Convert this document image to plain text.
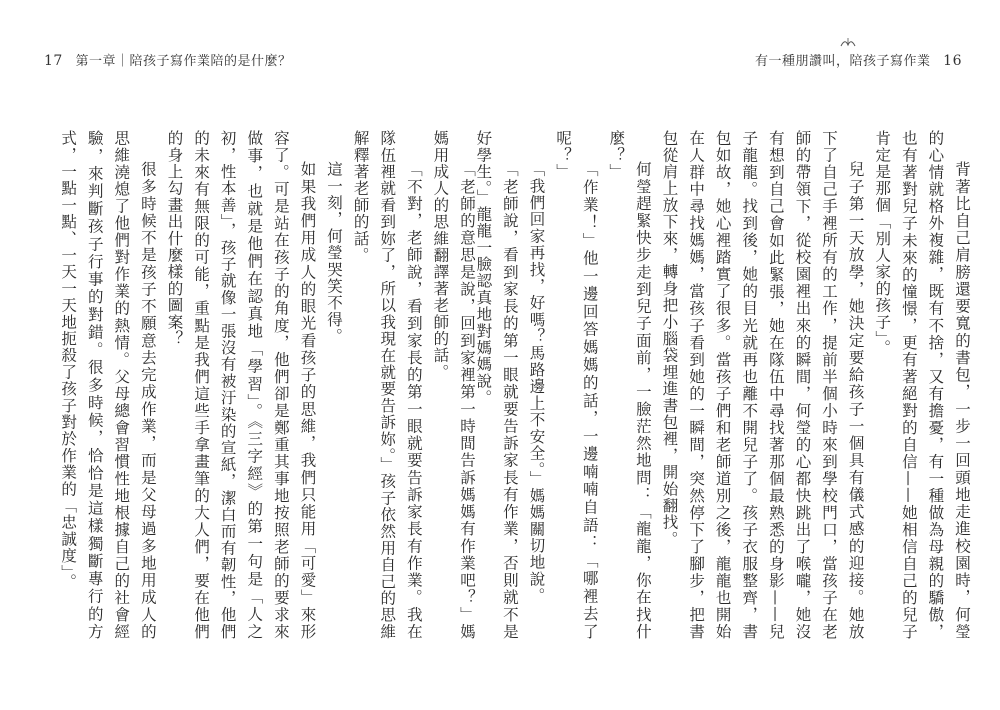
17 第一章｜陪孩子寫作業陪的是什麼？	有一種朋讚叫，陪孩子寫作業 16

背著比自己肩膀還要寬的書包，一步一回頭地走進校園時，何瑩的心情就格外複雜，既有不捨，又有擔憂，有一種做為母親的驕傲，也有著對兒子未來的憧憬，更有著絕對的自信——她相信自己的兒子肯定是那個「別人家的孩子」。

兒子第一天放學，她決定要給孩子一個具有儀式感的迎接。她放下了自己手裡所有的工作，提前半個小時來到學校門口，當孩子在老師的帶領下，從校園裡出來的瞬間，何瑩的心都快跳出了喉嚨，她沒有想到自己會如此緊張，她在隊伍中尋找著那個最熟悉的身影——兒子龍龍。找到後，她的目光就再也離不開兒子了。孩子衣服整齊，書包如故，她心裡踏實了很多。當孩子們和老師道別之後，龍龍也開始在人群中尋找媽媽，當孩子看到她的一瞬間，突然停下了腳步，把書包從肩上放下來，轉身把小腦袋埋進書包裡，開始翻找。

何瑩趕緊快步走到兒子面前，一臉茫然地問：「龍龍，你在找什麼？」

「作業！」他一邊回答媽媽的話，一邊喃喃自語：「哪裡去了呢？」

「我們回家再找，好嗎？馬路邊上不安全。」媽媽關切地說。

「老師說，看到家長的第一眼就要告訴家長有作業，否則就不是好學生。」龍龍一臉認真地對媽媽說。

「老師的意思是說，回到家裡第一時間告訴媽媽有作業吧？」媽媽用成人的思維翻譯著老師的話。

「不對，老師說，看到家長的第一眼就要告訴家長有作業。我在隊伍裡就看到妳了，所以我現在就要告訴妳。」孩子依然用自己的思維解釋著老師的話。

這一刻，何瑩哭笑不得。

如果我們用成人的眼光看孩子的思維，我們只能用「可愛」來形容了。可是站在孩子的角度，他們卻是鄭重其事地按照老師的要求來做事，也就是他們在認真地「學習」。《三字經》的第一句是「人之初，性本善」，孩子就像一張沒有被汙染的宣紙，潔白而有韌性，他們的未來有無限的可能，重點是我們這些手拿畫筆的大人們，要在他們的身上勾畫出什麼樣的圖案？

很多時候不是孩子不願意去完成作業，而是父母過多地用成人的思維澆熄了他們對作業的熱情。父母總會習慣性地根據自己的社會經驗，來判斷孩子行事的對錯。很多時候，恰恰是這樣獨斷專行的方式，一點一點、一天一天地扼殺了孩子對於作業的「忠誠度」。
